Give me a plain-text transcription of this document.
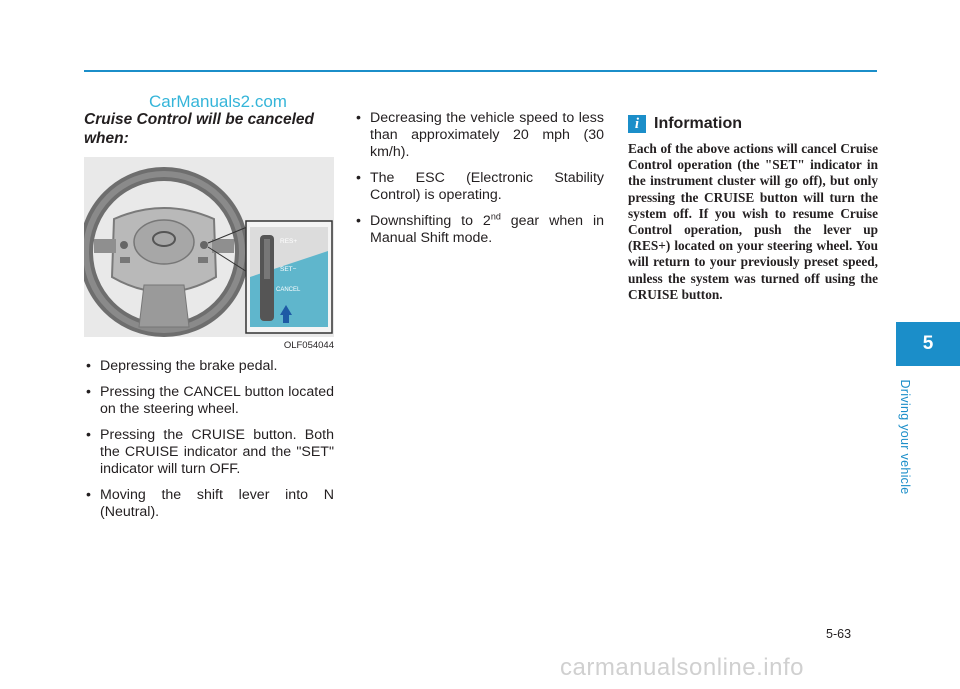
CarManuals2.com

Cruise Control will be canceled when:

RES+
SET−
CANCEL
OLF054044
• Depressing the brake pedal.
• Pressing the CANCEL button located on the steering wheel.
• Pressing the CRUISE button. Both the CRUISE indicator and the "SET" indicator will turn OFF.
• Moving the shift lever into N (Neutral).
• Decreasing the vehicle speed to less than approximately 20 mph (30 km/h).
• The ESC (Electronic Stability Control) is operating.
• Downshifting to 2nd gear when in Manual Shift mode.
i Information

Each of the above actions will cancel Cruise Control operation (the "SET" indicator in the instrument cluster will go off), but only pressing the CRUISE button will turn the system off. If you wish to resume Cruise Control operation, push the lever up (RES+) located on your steering wheel. You will return to your previously preset speed, unless the system was turned off using the CRUISE button.

5
Driving your vehicle
5-63
carmanualsonline.info
